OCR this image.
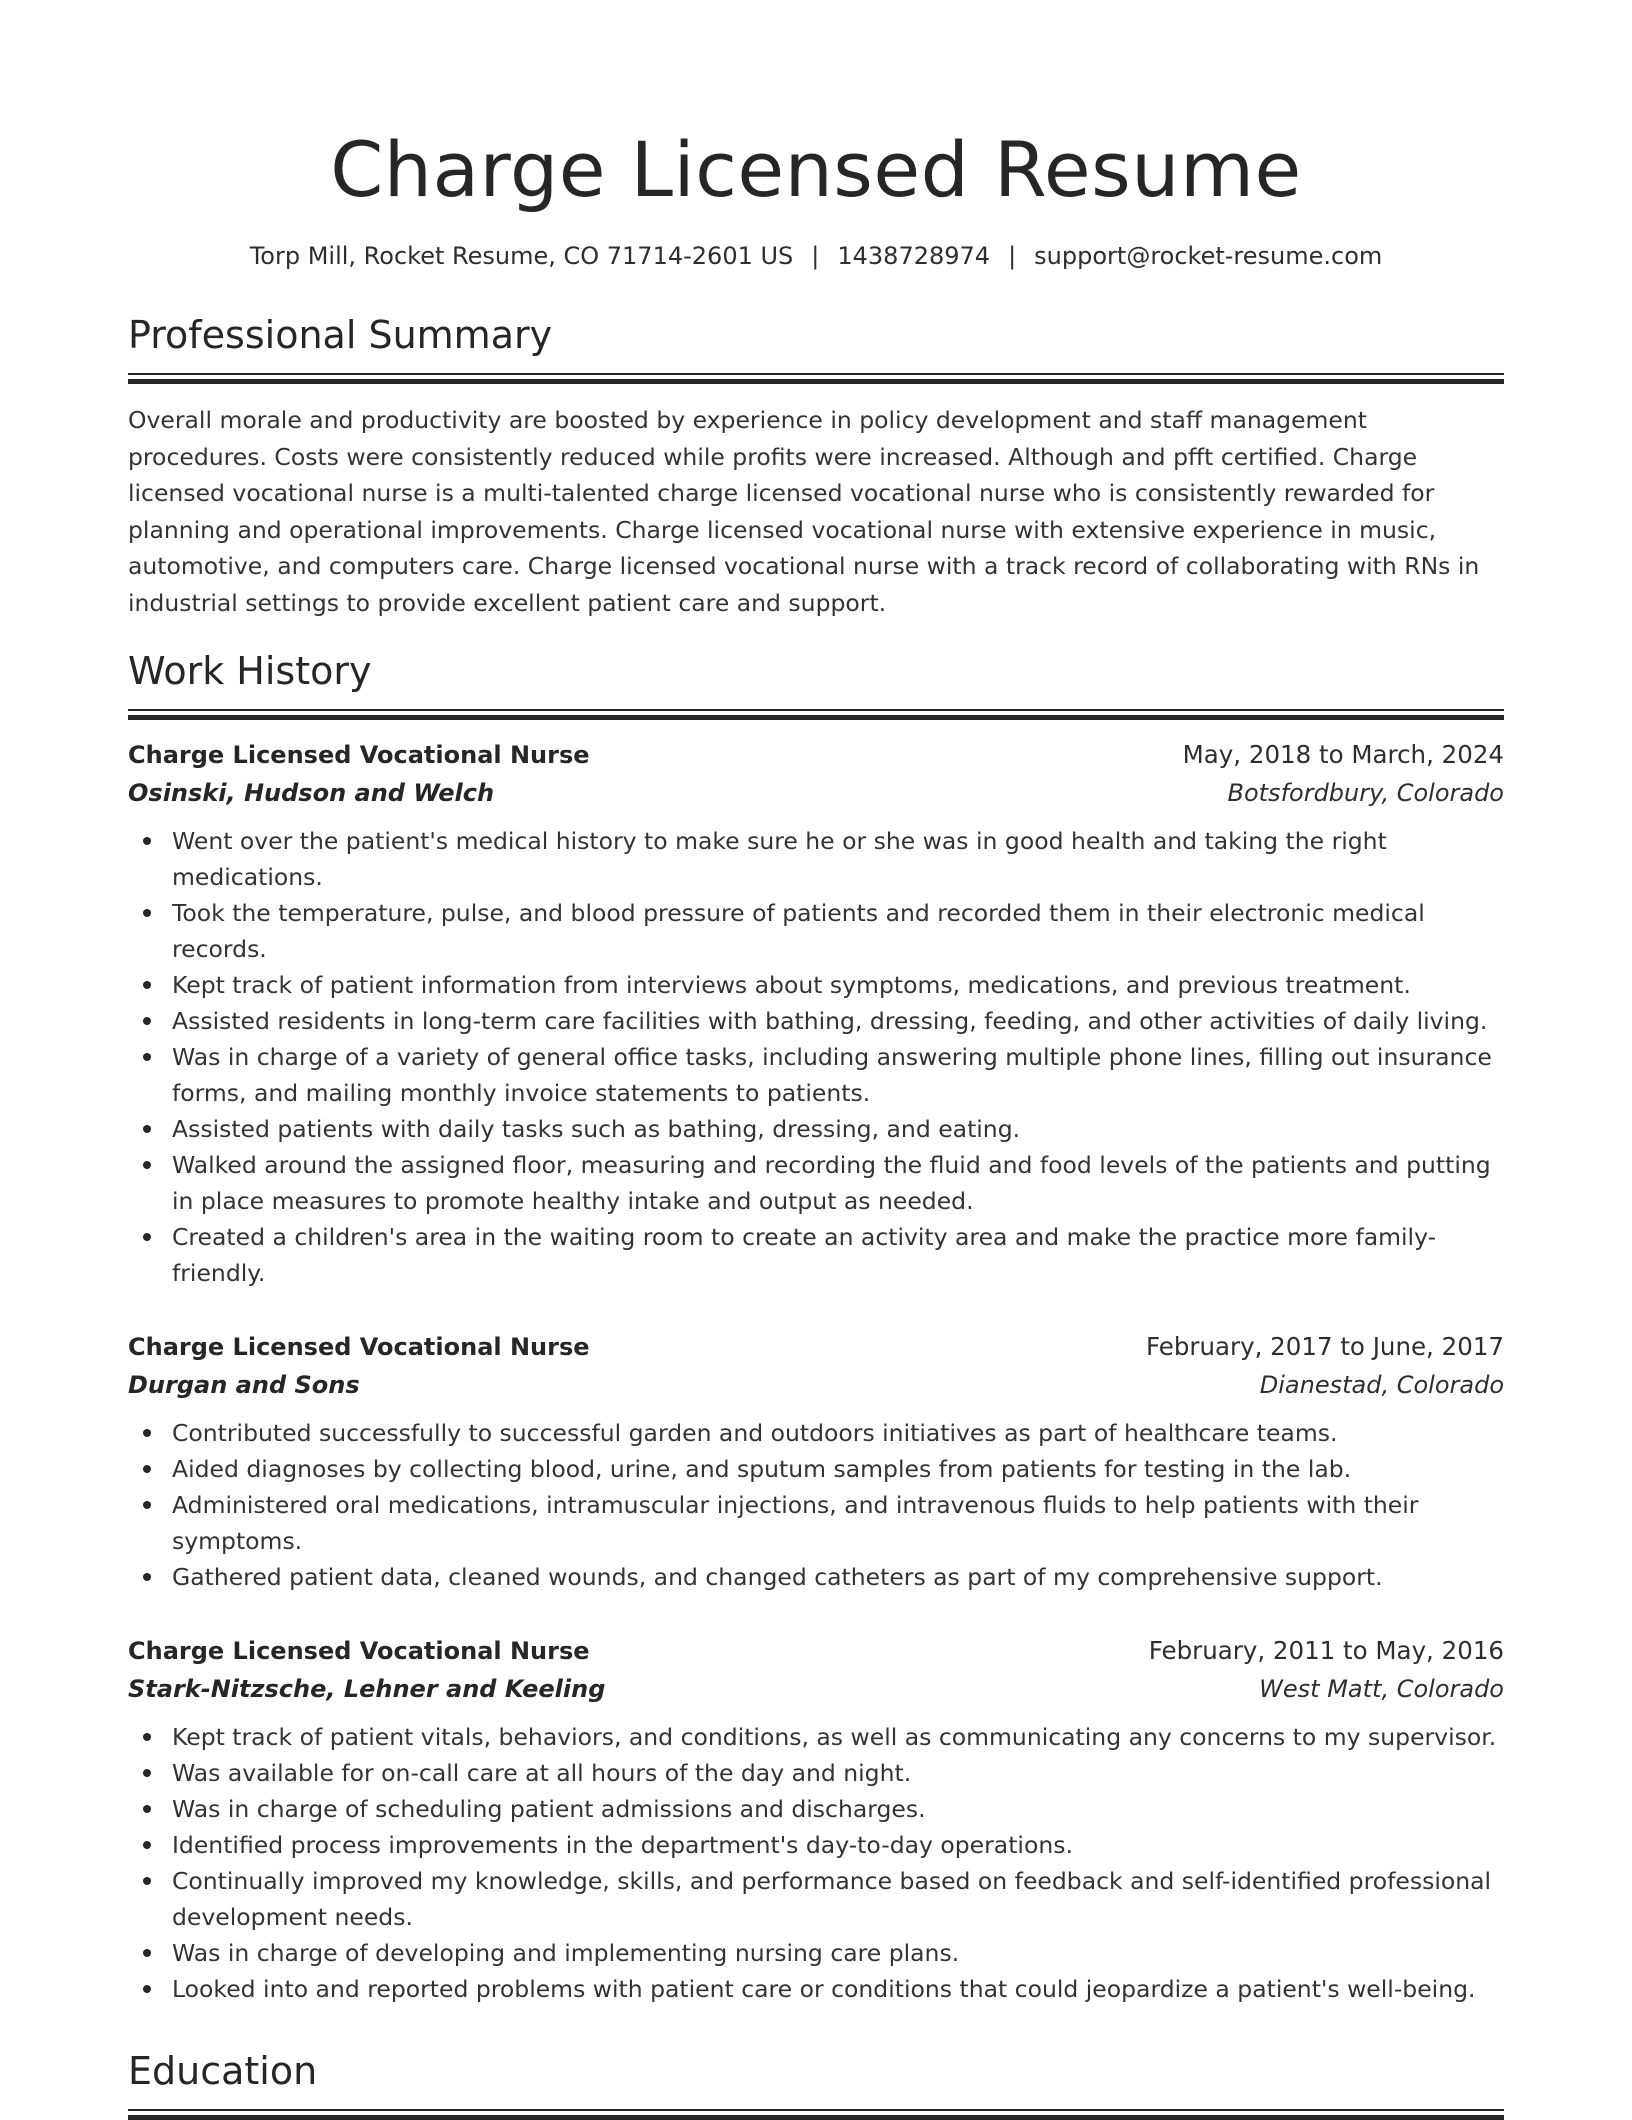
Charge Licensed Resume
Torp Mill, Rocket Resume, CO 71714-2601 US | 1438728974 | support@rocket-resume.com
Professional Summary

Overall morale and productivity are boosted by experience in policy development and staff management procedures. Costs were consistently reduced while profits were increased. Although and pfft certified. Charge licensed vocational nurse is a multi-talented charge licensed vocational nurse who is consistently rewarded for planning and operational improvements. Charge licensed vocational nurse with extensive experience in music, automotive, and computers care. Charge licensed vocational nurse with a track record of collaborating with RNs in industrial settings to provide excellent patient care and support.

Work History
Charge Licensed Vocational Nurse	May, 2018 to March, 2024
Osinski, Hudson and Welch	Botsfordbury, Colorado
Went over the patient's medical history to make sure he or she was in good health and taking the right medications.
Took the temperature, pulse, and blood pressure of patients and recorded them in their electronic medical records.
Kept track of patient information from interviews about symptoms, medications, and previous treatment.
Assisted residents in long-term care facilities with bathing, dressing, feeding, and other activities of daily living.
Was in charge of a variety of general office tasks, including answering multiple phone lines, filling out insurance forms, and mailing monthly invoice statements to patients.
Assisted patients with daily tasks such as bathing, dressing, and eating.
Walked around the assigned floor, measuring and recording the fluid and food levels of the patients and putting in place measures to promote healthy intake and output as needed.
Created a children's area in the waiting room to create an activity area and make the practice more family-friendly.
Charge Licensed Vocational Nurse	February, 2017 to June, 2017
Durgan and Sons	Dianestad, Colorado
Contributed successfully to successful garden and outdoors initiatives as part of healthcare teams.
Aided diagnoses by collecting blood, urine, and sputum samples from patients for testing in the lab.
Administered oral medications, intramuscular injections, and intravenous fluids to help patients with their symptoms.
Gathered patient data, cleaned wounds, and changed catheters as part of my comprehensive support.
Charge Licensed Vocational Nurse	February, 2011 to May, 2016
Stark-Nitzsche, Lehner and Keeling	West Matt, Colorado
Kept track of patient vitals, behaviors, and conditions, as well as communicating any concerns to my supervisor.
Was available for on-call care at all hours of the day and night.
Was in charge of scheduling patient admissions and discharges.
Identified process improvements in the department's day-to-day operations.
Continually improved my knowledge, skills, and performance based on feedback and self-identified professional development needs.
Was in charge of developing and implementing nursing care plans.
Looked into and reported problems with patient care or conditions that could jeopardize a patient's well-being.
Education
